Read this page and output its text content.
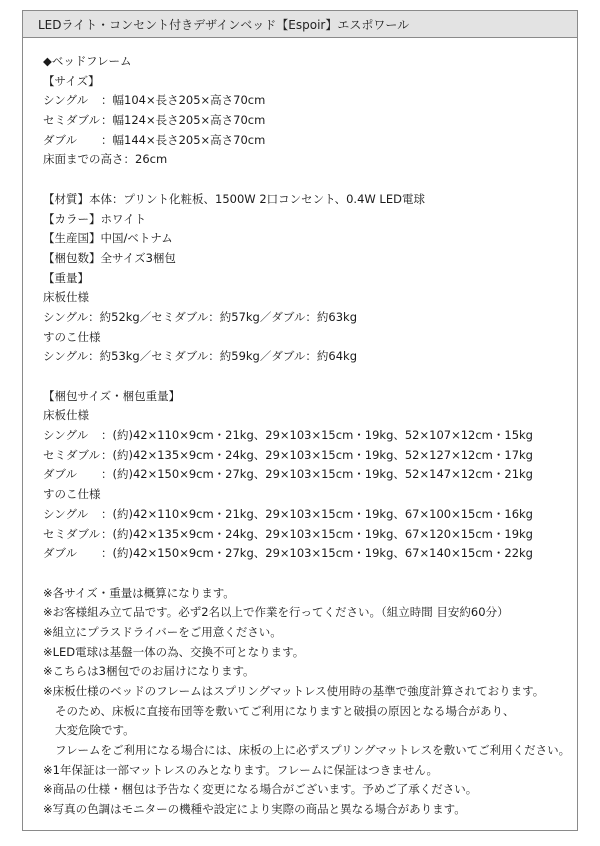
LEDライト・コンセント付きデザインベッド【Espoir】エスポワール
◆ベッドフレーム
【サイズ】
シングル	：幅104×長さ205×高さ70cm
セミダブル ：幅124×長さ205×高さ70cm
ダブル	：幅144×長さ205×高さ70cm
床面までの高さ：26cm
【材質】本体：プリント化粧板、1500W 2口コンセント、0.4W LED電球
【カラー】ホワイト
【生産国】中国/ベトナム
【梱包数】全サイズ3梱包
【重量】
床板仕様
シングル：約52kg／セミダブル：約57kg／ダブル：約63kg
すのこ仕様
シングル：約53kg／セミダブル：約59kg／ダブル：約64kg
【梱包サイズ・梱包重量】
床板仕様
シングル	：(約)42×110×9cm・21kg、29×103×15cm・19kg、52×107×12cm・15kg
セミダブル ：(約)42×135×9cm・24kg、29×103×15cm・19kg、52×127×12cm・17kg
ダブル	：(約)42×150×9cm・27kg、29×103×15cm・19kg、52×147×12cm・21kg
すのこ仕様
シングル	：(約)42×110×9cm・21kg、29×103×15cm・19kg、67×100×15cm・16kg
セミダブル ：(約)42×135×9cm・24kg、29×103×15cm・19kg、67×120×15cm・19kg
ダブル	：(約)42×150×9cm・27kg、29×103×15cm・19kg、67×140×15cm・22kg
※各サイズ・重量は概算になります。
※お客様組み立て品です。必ず2名以上で作業を行ってください。（組立時間 目安約60分）
※組立にプラスドライバーをご用意ください。
※LED電球は基盤一体の為、交換不可となります。
※こちらは3梱包でのお届けになります。
※床板仕様のベッドのフレームはスプリングマットレス使用時の基準で強度計算されております。
そのため、床板に直接布団等を敷いてご利用になりますと破損の原因となる場合があり、
大変危険です。
フレームをご利用になる場合には、床板の上に必ずスプリングマットレスを敷いてご利用ください。
※1年保証は一部マットレスのみとなります。フレームに保証はつきません。
※商品の仕様・梱包は予告なく変更になる場合がございます。予めご了承ください。
※写真の色調はモニターの機種や設定により実際の商品と異なる場合があります。
